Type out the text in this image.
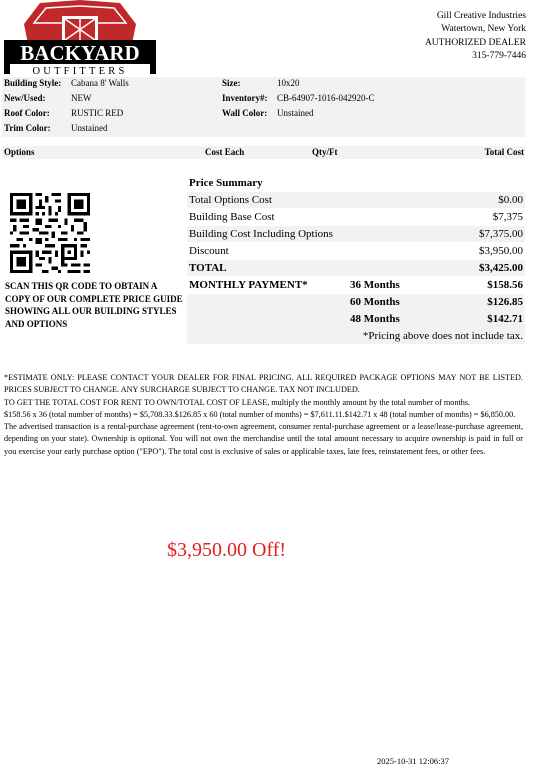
BACKYARD
OUTFITTERS
Gill Creative Industries
Watertown, New York
AUTHORIZED DEALER
315-779-7446
Building Style: Cabana 8' Walls	Size:	10x20
New/Used:	NEW	Inventory#: CB-64907-1016-042920-C
Roof Color: RUSTIC RED	Wall Color: Unstained
Trim Color: Unstained
Options	Cost Each	Qty/Ft	Total Cost
SCAN THIS QR CODE TO OBTAIN A COPY OF OUR COMPLETE PRICE GUIDE SHOWING ALL OUR BUILDING STYLES AND OPTIONS
Price Summary
Total Options Cost	$0.00
Building Base Cost	$7,375
Building Cost Including Options	$7,375.00
Discount	$3,950.00
TOTAL	$3,425.00
MONTHLY PAYMENT*	36 Months	$158.56
60 Months	$126.85
48 Months	$142.71
*Pricing above does not include tax.

*ESTIMATE ONLY: PLEASE CONTACT YOUR DEALER FOR FINAL PRICING. ALL REQUIRED PACKAGE OPTIONS MAY NOT BE LISTED. PRICES SUBJECT TO CHANGE. ANY SURCHARGE SUBJECT TO CHANGE. TAX NOT INCLUDED.

TO GET THE TOTAL COST FOR RENT TO OWN/TOTAL COST OF LEASE, multiply the monthly amount by the total number of months.

$158.56 x 36 (total number of months) = $5,708.33.$126.85 x 60 (total number of months) = $7,611.11.$142.71 x 48 (total number of months) = $6,850.00.

The advertised transaction is a rental-purchase agreement (rent-to-own agreement, consumer rental-purchase agreement or a lease/lease-purchase agreement, depending on your state). Ownership is optional. You will not own the merchandise until the total amount necessary to acquire ownership is paid in full or you exercise your early purchase option ("EPO"). The total cost is exclusive of sales or applicable taxes, late fees, reinstatement fees, or other fees.

$3,950.00 Off!
2025-10-31 12:06:37
